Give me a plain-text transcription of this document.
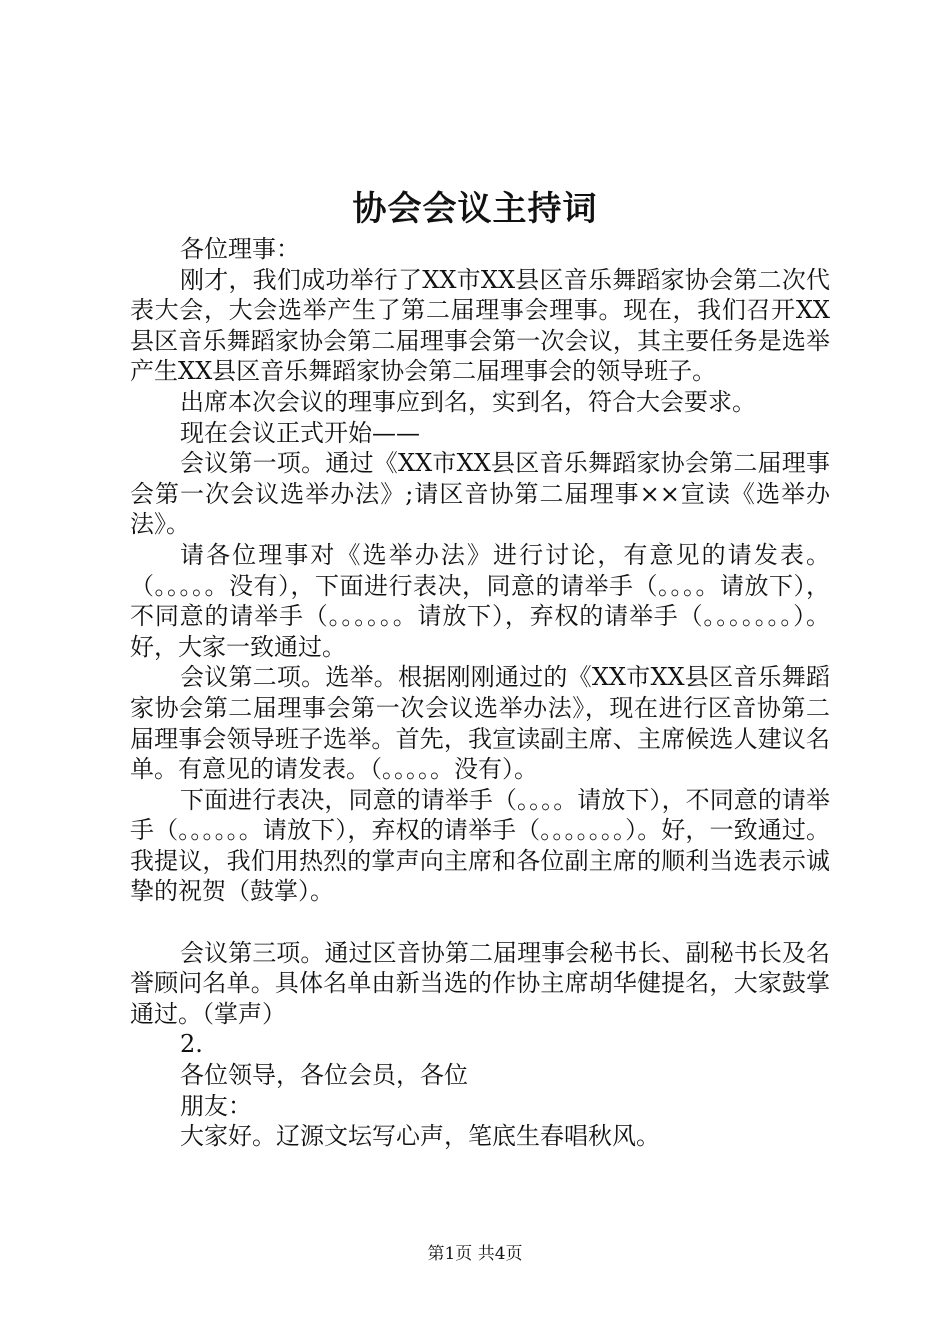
协会会议主持词

各位理事：

刚才，我们成功举行了XX市XX县区音乐舞蹈家协会第二次代表大会，大会选举产生了第二届理事会理事。现在，我们召开XX县区音乐舞蹈家协会第二届理事会第一次会议，其主要任务是选举产生XX县区音乐舞蹈家协会第二届理事会的领导班子。

出席本次会议的理事应到名，实到名，符合大会要求。

现在会议正式开始——

会议第一项。通过《XX市XX县区音乐舞蹈家协会第二届理事会第一次会议选举办法》;请区音协第二届理事××宣读《选举办法》。

请各位理事对《选举办法》进行讨论，有意见的请发表。（。。。。。没有），下面进行表决，同意的请举手（。。。。请放下），不同意的请举手（。。。。。。请放下），弃权的请举手（。。。。。。。）。好，大家一致通过。

会议第二项。选举。根据刚刚通过的《XX市XX县区音乐舞蹈家协会第二届理事会第一次会议选举办法》，现在进行区音协第二届理事会领导班子选举。首先，我宣读副主席、主席候选人建议名单。有意见的请发表。（。。。。。没有）。

下面进行表决，同意的请举手（。。。。请放下），不同意的请举手（。。。。。。请放下），弃权的请举手（。。。。。。。）。好，一致通过。我提议，我们用热烈的掌声向主席和各位副主席的顺利当选表示诚挚的祝贺（鼓掌）。

会议第三项。通过区音协第二届理事会秘书长、副秘书长及名誉顾问名单。具体名单由新当选的作协主席胡华健提名，大家鼓掌通过。（掌声）

2.

各位领导，各位会员，各位

朋友：

大家好。辽源文坛写心声，笔底生春唱秋风。

第1页 共4页
